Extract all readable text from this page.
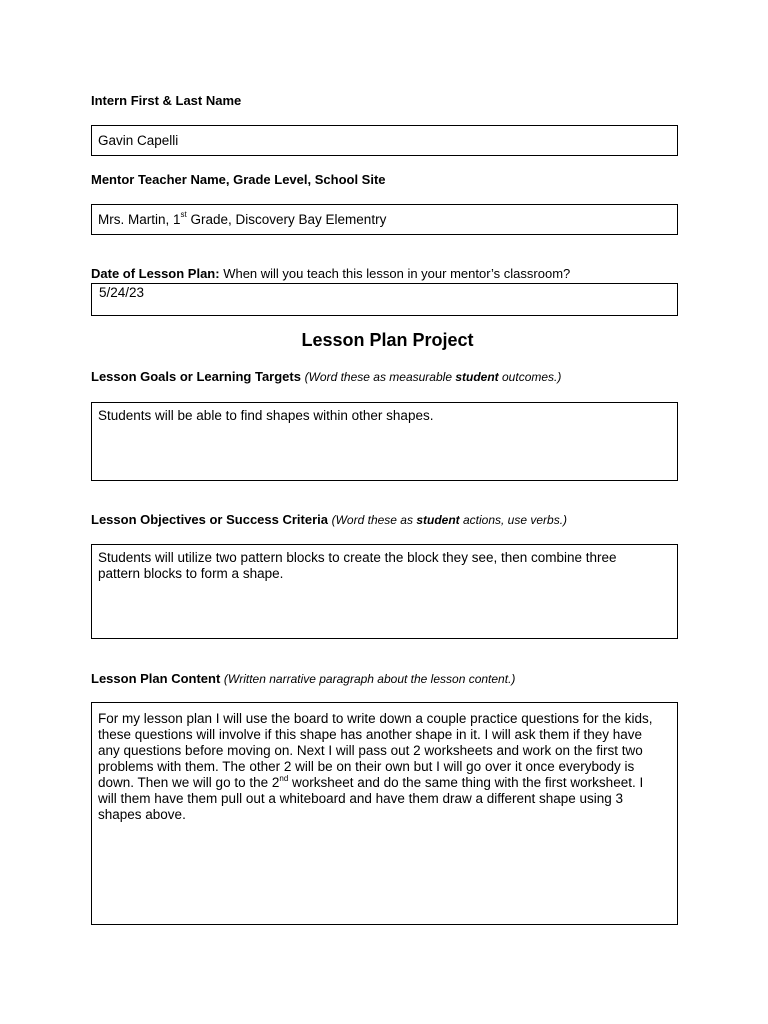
Intern First & Last Name
Gavin Capelli
Mentor Teacher Name, Grade Level, School Site
Mrs. Martin, 1st Grade, Discovery Bay Elementry
Date of Lesson Plan: When will you teach this lesson in your mentor’s classroom?
5/24/23
Lesson Plan Project
Lesson Goals or Learning Targets (Word these as measurable student outcomes.)

Students will be able to find shapes within other shapes.

Lesson Objectives or Success Criteria (Word these as student actions, use verbs.)

Students will utilize two pattern blocks to create the block they see, then combine three

pattern blocks to form a shape.

Lesson Plan Content (Written narrative paragraph about the lesson content.)

For my lesson plan I will use the board to write down a couple practice questions for the kids,

these questions will involve if this shape has another shape in it. I will ask them if they have

any questions before moving on. Next I will pass out 2 worksheets and work on the first two

problems with them. The other 2 will be on their own but I will go over it once everybody is

down. Then we will go to the 2nd worksheet and do the same thing with the first worksheet. I

will them have them pull out a whiteboard and have them draw a different shape using 3

shapes above.
